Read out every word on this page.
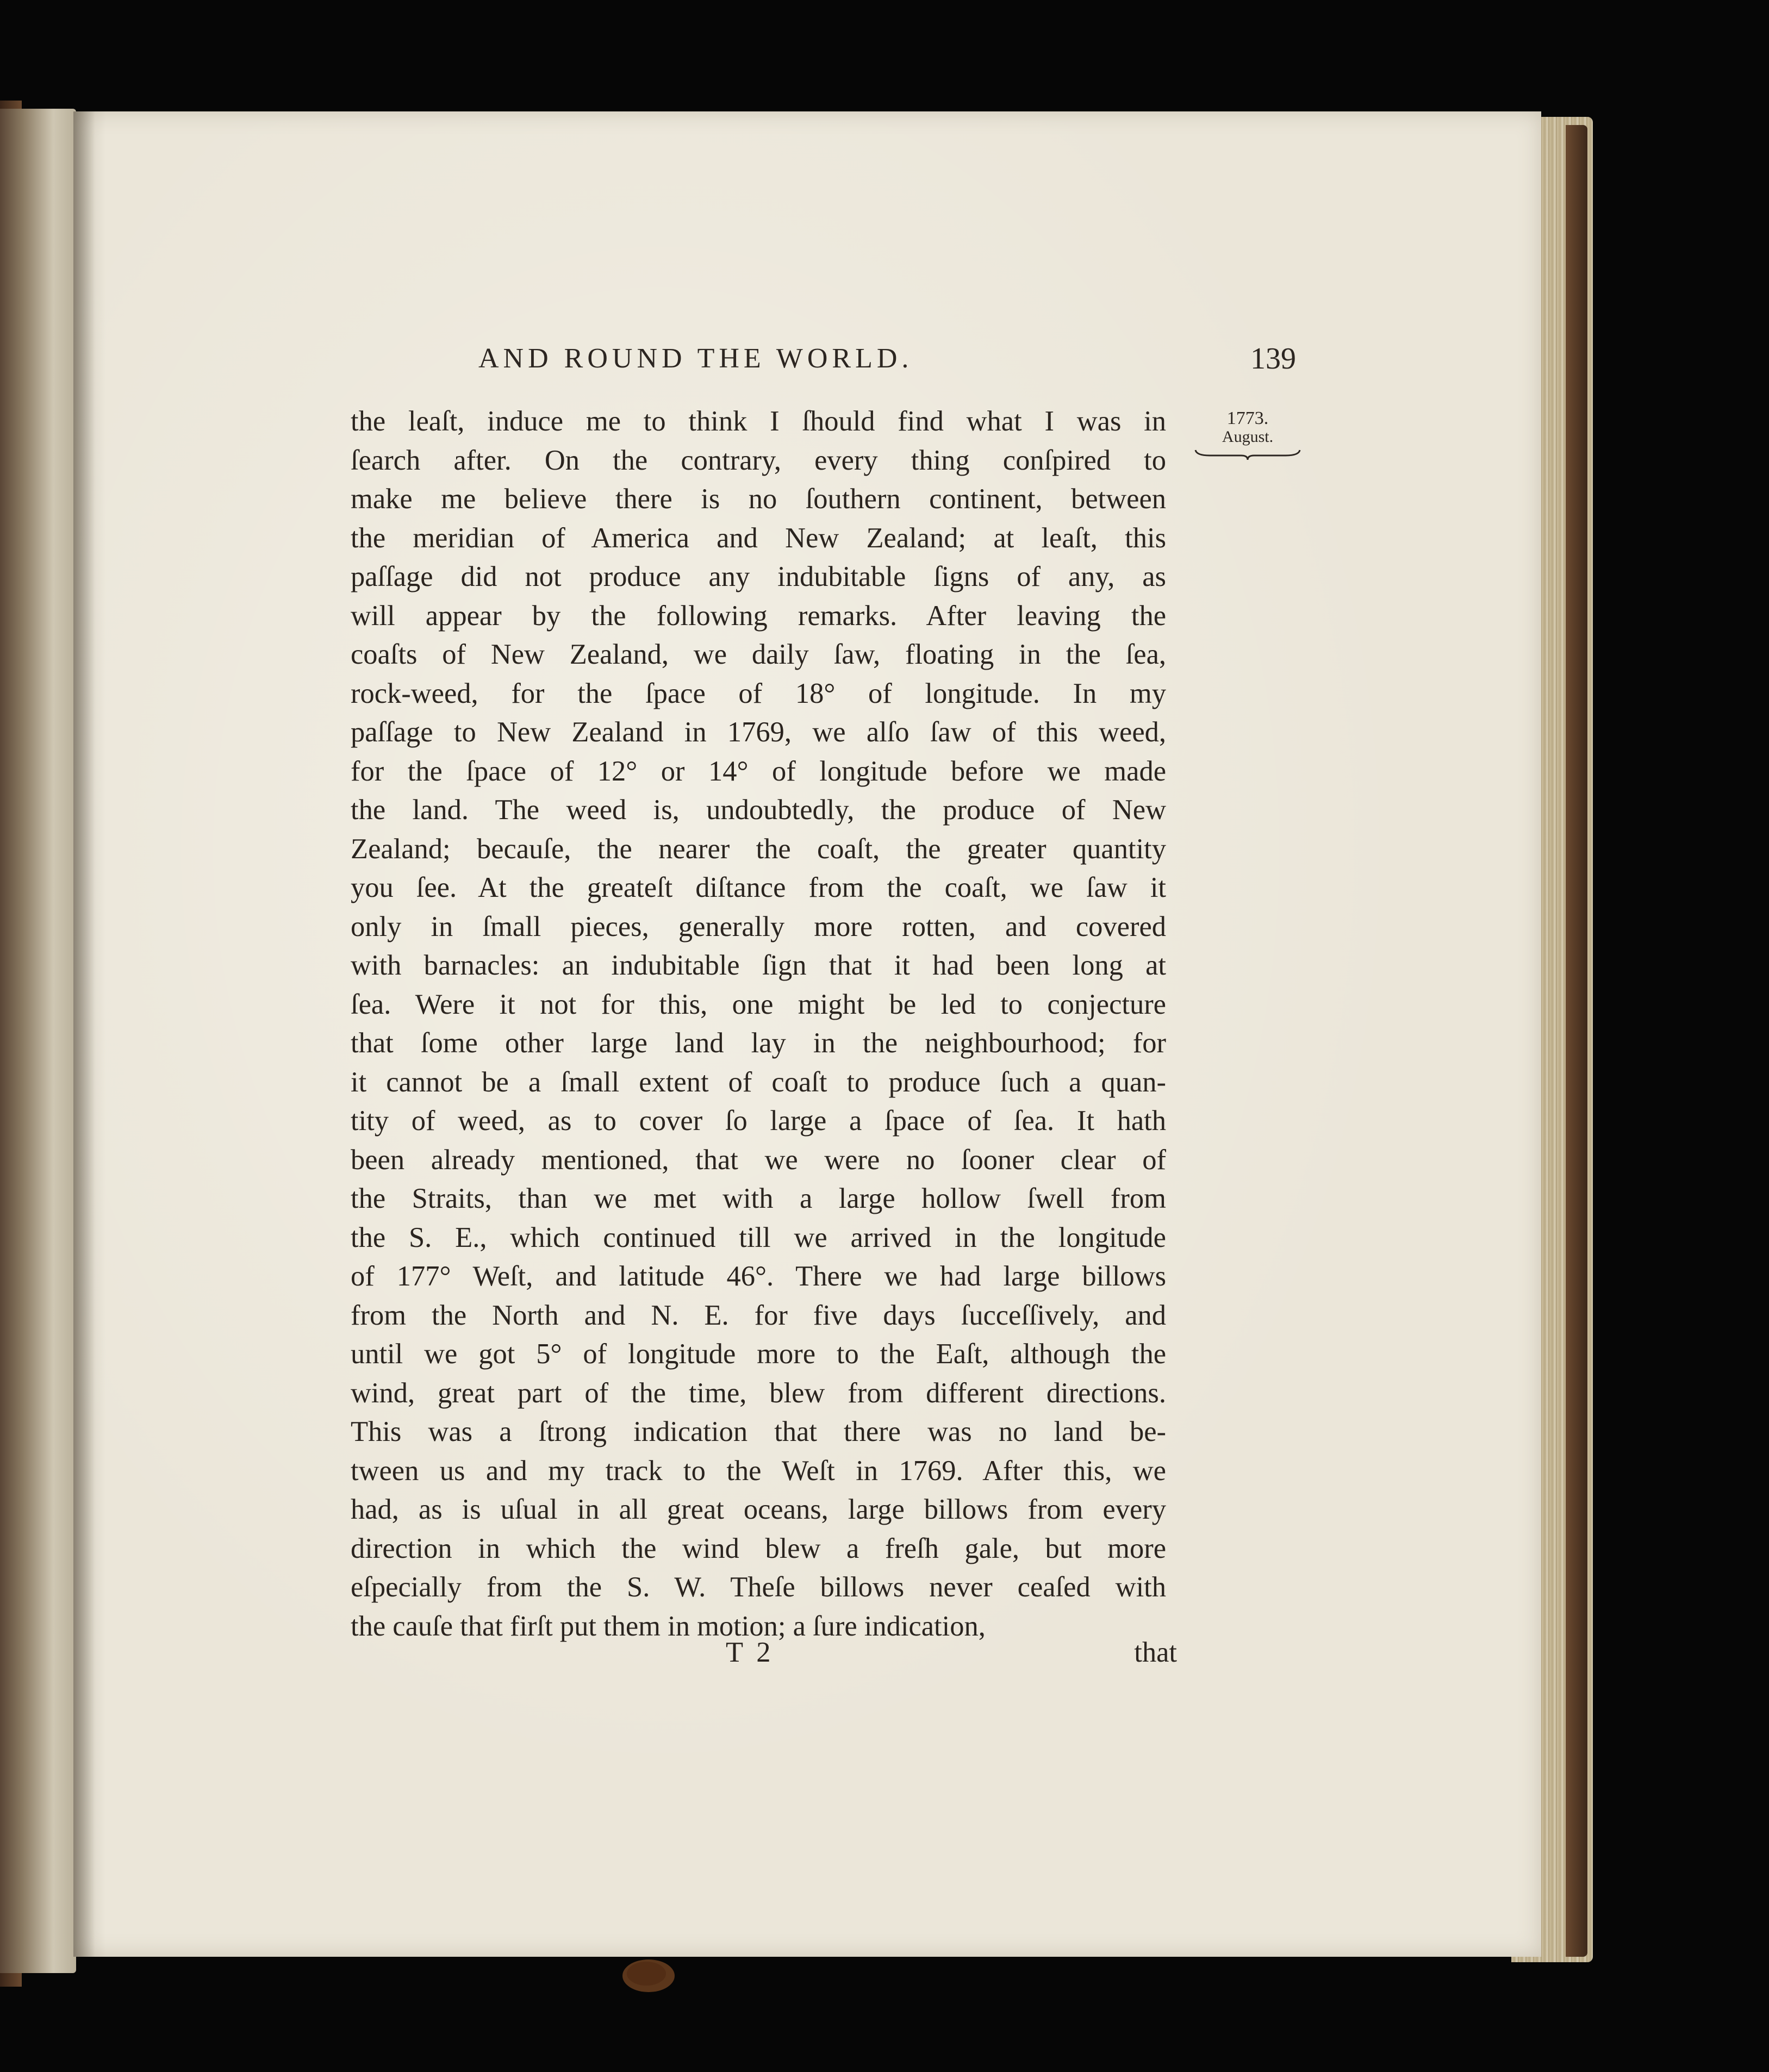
AND ROUND THE WORLD.	139
1773.
August.
the leaſt, induce me to think I ſhould find what I was in
ſearch after. On the contrary, every thing conſpired to
make me believe there is no ſouthern continent, between
the meridian of America and New Zealand; at leaſt, this
paſſage did not produce any indubitable ſigns of any, as
will appear by the following remarks. After leaving the
coaſts of New Zealand, we daily ſaw, floating in the ſea,
rock-weed, for the ſpace of 18° of longitude. In my
paſſage to New Zealand in 1769, we alſo ſaw of this weed,
for the ſpace of 12° or 14° of longitude before we made
the land. The weed is, undoubtedly, the produce of New
Zealand; becauſe, the nearer the coaſt, the greater quantity
you ſee. At the greateſt diſtance from the coaſt, we ſaw it
only in ſmall pieces, generally more rotten, and covered
with barnacles: an indubitable ſign that it had been long at
ſea. Were it not for this, one might be led to conjecture
that ſome other large land lay in the neighbourhood; for
it cannot be a ſmall extent of coaſt to produce ſuch a quan-
tity of weed, as to cover ſo large a ſpace of ſea. It hath
been already mentioned, that we were no ſooner clear of
the Straits, than we met with a large hollow ſwell from
the S. E., which continued till we arrived in the longitude
of 177° Weſt, and latitude 46°. There we had large billows
from the North and N. E. for five days ſucceſſively, and
until we got 5° of longitude more to the Eaſt, although the
wind, great part of the time, blew from different directions.
This was a ſtrong indication that there was no land be-
tween us and my track to the Weſt in 1769. After this, we
had, as is uſual in all great oceans, large billows from every
direction in which the wind blew a freſh gale, but more
eſpecially from the S. W. Theſe billows never ceaſed with
the cauſe that firſt put them in motion; a ſure indication,
T 2	that
